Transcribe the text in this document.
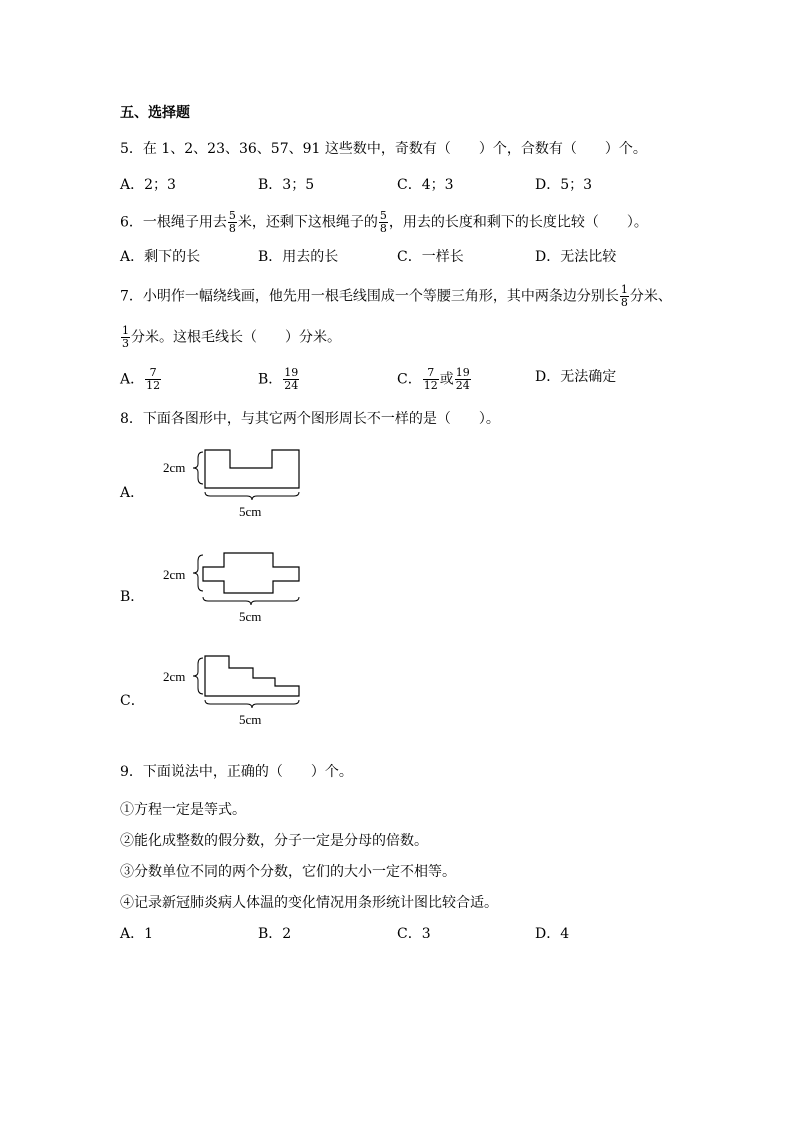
五、选择题
5．在 1、2、23、36、57、91 这些数中，奇数有（　　）个，合数有（　　）个。
A．2；3	B．3；5	C．4；3	D．5；3
6．一根绳子用去 $\frac{5}{8}$ 米，还剩下这根绳子的 $\frac{5}{8}$ ，用去的长度和剩下的长度比较（　　）。
A．剩下的长	B．用去的长	C．一样长	D．无法比较
7．小明作一幅绕线画，他先用一根毛线围成一个等腰三角形，其中两条边分别长 $\frac{1}{8}$ 分米、
$\frac{1}{3}$ 分米。这根毛线长（　　）分米。
A． $\frac{7}{12}$	B． $\frac{19}{24}$	C． $\frac{7}{12}$ 或 $\frac{19}{24}$	D．无法确定
8．下面各图形中，与其它两个图形周长不一样的是（　　）。
A．
2cm
5cm
B．
2cm
5cm
C．
2cm
5cm
9．下面说法中，正确的（　　）个。
①方程一定是等式。
②能化成整数的假分数，分子一定是分母的倍数。
③分数单位不同的两个分数，它们的大小一定不相等。
④记录新冠肺炎病人体温的变化情况用条形统计图比较合适。
A．1	B．2	C．3	D．4
